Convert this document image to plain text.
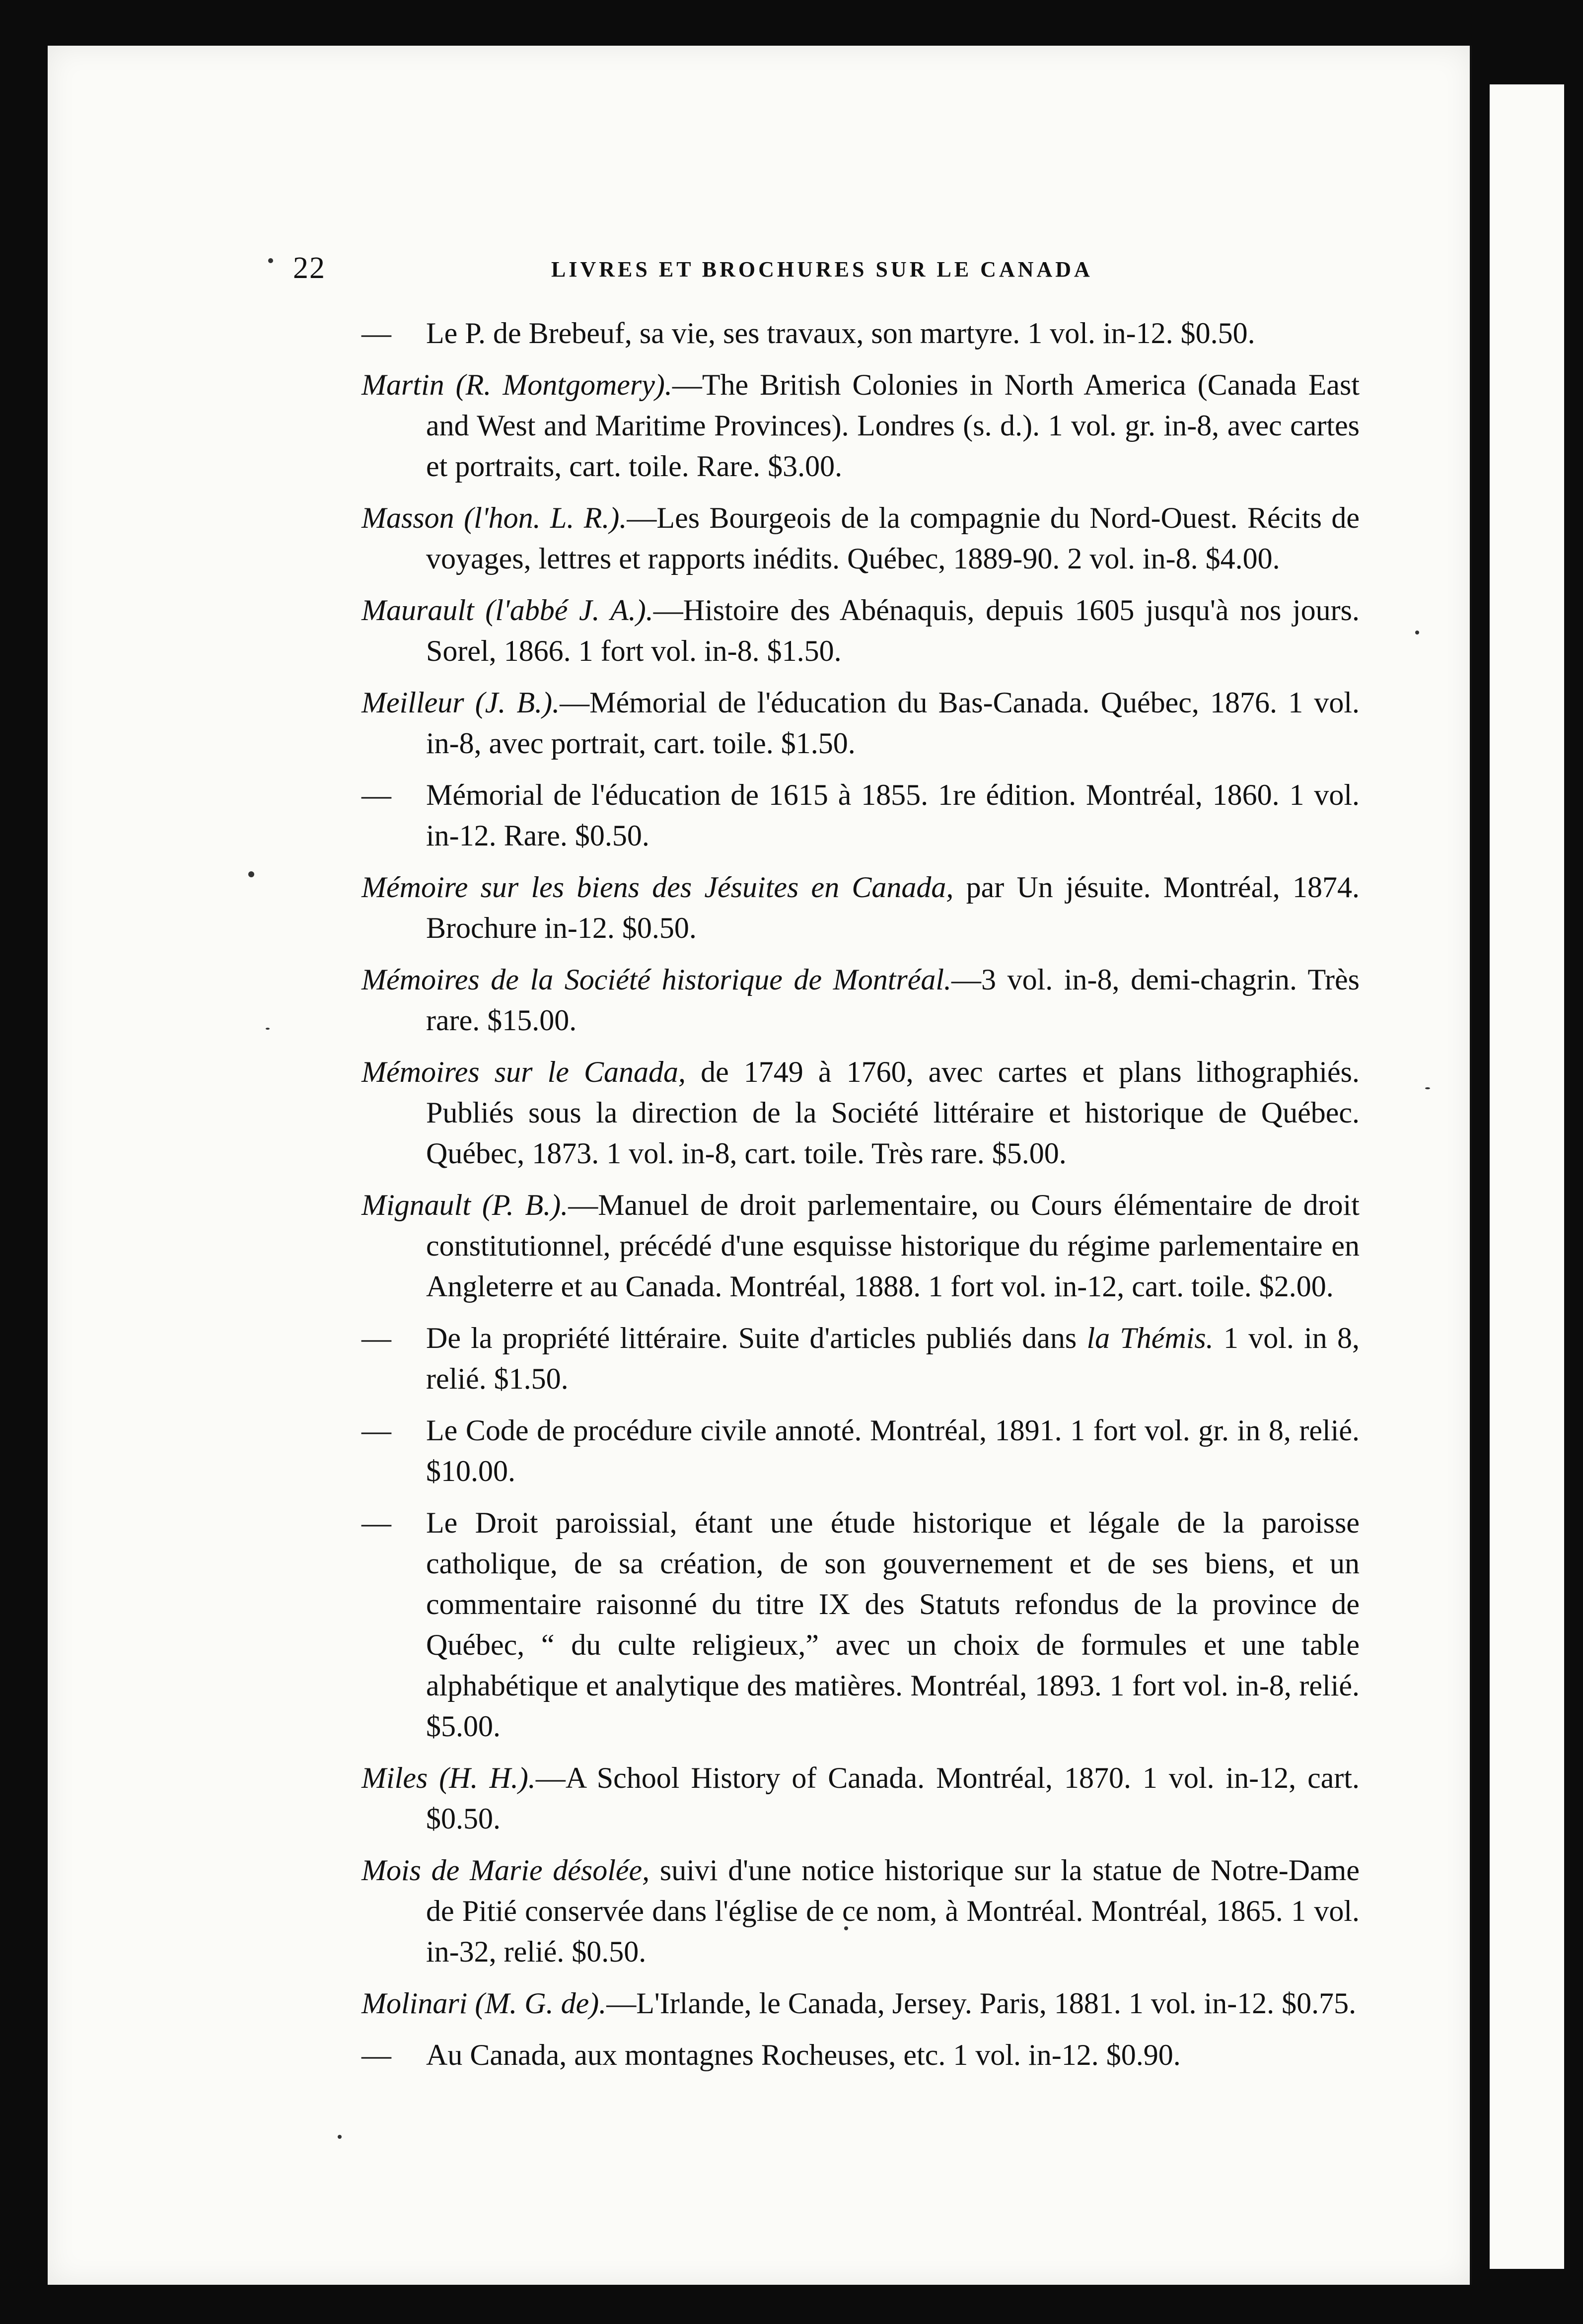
22	LIVRES ET BROCHURES SUR LE CANADA

— Le P. de Brebeuf, sa vie, ses travaux, son martyre. 1 vol. in-12. $0.50.

Martin (R. Montgomery).—The British Colonies in North America (Canada East and West and Maritime Provinces). Londres (s. d.). 1 vol. gr. in-8, avec cartes et portraits, cart. toile. Rare. $3.00.

Masson (l'hon. L. R.).—Les Bourgeois de la compagnie du Nord-Ouest. Récits de voyages, lettres et rapports inédits. Québec, 1889-90. 2 vol. in-8. $4.00.

Maurault (l'abbé J. A.).—Histoire des Abénaquis, depuis 1605 jusqu'à nos jours. Sorel, 1866. 1 fort vol. in-8. $1.50.

Meilleur (J. B.).—Mémorial de l'éducation du Bas-Canada. Québec, 1876. 1 vol. in-8, avec portrait, cart. toile. $1.50.

— Mémorial de l'éducation de 1615 à 1855. 1re édition. Montréal, 1860. 1 vol. in-12. Rare. $0.50.

Mémoire sur les biens des Jésuites en Canada, par Un jésuite. Montréal, 1874. Brochure in-12. $0.50.

Mémoires de la Société historique de Montréal.—3 vol. in-8, demi-chagrin. Très rare. $15.00.

Mémoires sur le Canada, de 1749 à 1760, avec cartes et plans lithographiés. Publiés sous la direction de la Société littéraire et historique de Québec. Québec, 1873. 1 vol. in-8, cart. toile. Très rare. $5.00.

Mignault (P. B.).—Manuel de droit parlementaire, ou Cours élémentaire de droit constitutionnel, précédé d'une esquisse historique du régime parlementaire en Angleterre et au Canada. Montréal, 1888. 1 fort vol. in-12, cart. toile. $2.00.

— De la propriété littéraire. Suite d'articles publiés dans la Thémis. 1 vol. in 8, relié. $1.50.

— Le Code de procédure civile annoté. Montréal, 1891. 1 fort vol. gr. in 8, relié. $10.00.

— Le Droit paroissial, étant une étude historique et légale de la paroisse catholique, de sa création, de son gouvernement et de ses biens, et un commentaire raisonné du titre IX des Statuts refondus de la province de Québec, “ du culte religieux,” avec un choix de formules et une table alphabétique et analytique des matières. Montréal, 1893. 1 fort vol. in-8, relié. $5.00.

Miles (H. H.).—A School History of Canada. Montréal, 1870. 1 vol. in-12, cart. $0.50.

Mois de Marie désolée, suivi d'une notice historique sur la statue de Notre-Dame de Pitié conservée dans l'église de ce nom, à Montréal. Montréal, 1865. 1 vol. in-32, relié. $0.50.

Molinari (M. G. de).—L'Irlande, le Canada, Jersey. Paris, 1881. 1 vol. in-12. $0.75.

— Au Canada, aux montagnes Rocheuses, etc. 1 vol. in-12. $0.90.
